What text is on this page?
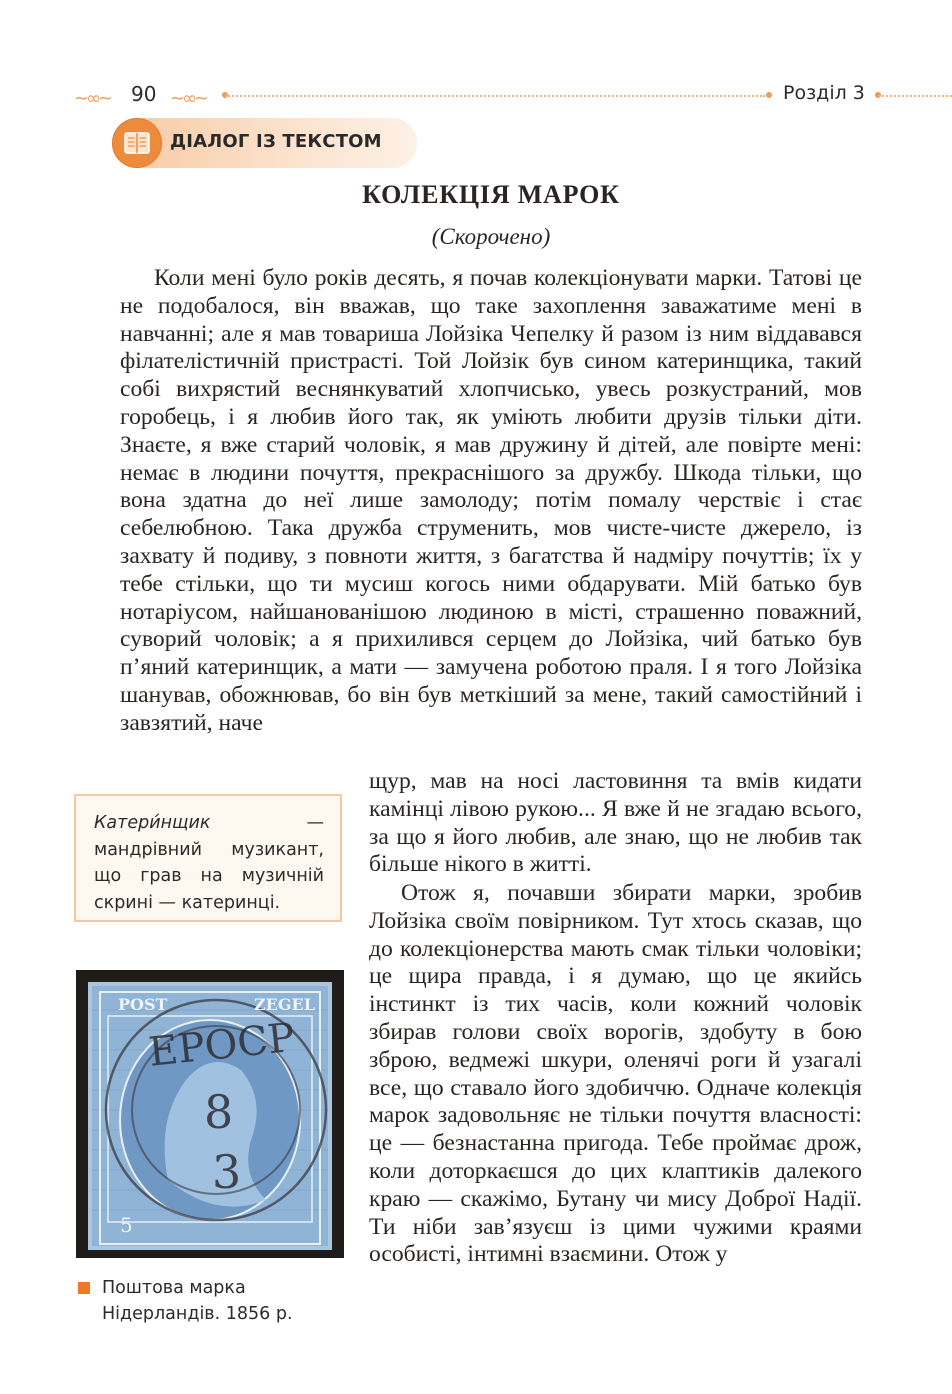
~∞~ 90 ~∞~	Розділ 3
ДІАЛОГ ІЗ ТЕКСТОМ
КОЛЕКЦІЯ МАРОК
(Скорочено)

Коли мені було років десять, я почав колекціонувати марки. Татові це не подобалося, він вважав, що таке захоплення заважатиме мені в навчанні; але я мав товариша Лойзіка Чепелку й разом із ним віддавався філателістичній пристрасті. Той Лойзік був сином катеринщика, такий собі вихрястий веснянкуватий хлопчисько, увесь розкустраний, мов горобець, і я любив його так, як уміють любити друзів тільки діти. Знаєте, я вже старий чоловік, я мав дружину й дітей, але повірте мені: немає в людини почуття, прекраснішого за дружбу. Шкода тільки, що вона здатна до неї лише замолоду; потім помалу черствіє і стає себелюбною. Така дружба струменить, мов чисте-чисте джерело, із захвату й подиву, з повноти життя, з багатства й надміру почуттів; їх у тебе стільки, що ти мусиш когось ними обдарувати. Мій батько був нотаріусом, найшанованішою людиною в місті, страшенно поважний, суворий чоловік; а я прихилився серцем до Лойзіка, чий батько був п’яний катеринщик, а мати — замучена роботою праля. І я того Лойзіка шанував, обожнював, бо він був меткіший за мене, такий самостійний і завзятий, наче

щур, мав на носі ластовиння та вмів кидати камінці лівою рукою... Я вже й не згадаю всього, за що я його любив, але знаю, що не любив так більше нікого в житті.

Отож я, почавши збирати марки, зробив Лойзіка своїм повірником. Тут хтось сказав, що до колекціонерства мають смак тільки чоловіки; це щира правда, і я думаю, що це якийсь інстинкт із тих часів, коли кожний чоловік збирав голови своїх ворогів, здобуту в бою зброю, ведмежі шкури, оленячі роги й узагалі все, що ставало його здобиччю. Одначе колекція марок задовольняє не тільки почуття власності: це — безнастанна пригода. Тебе проймає дрож, коли доторкаєшся до цих клаптиків далекого краю — скажімо, Бутану чи мису Доброї Надії. Ти ніби зав’язуєш із цими чужими краями особисті, інтимні взаємини. Отож у

Катери́нщик — мандрівний музикант, що грав на музичній скрині — катеринці.
POST	ZEGEL
ЕРОСР
8
3
5
Поштова марка Нідерландів. 1856 р.
